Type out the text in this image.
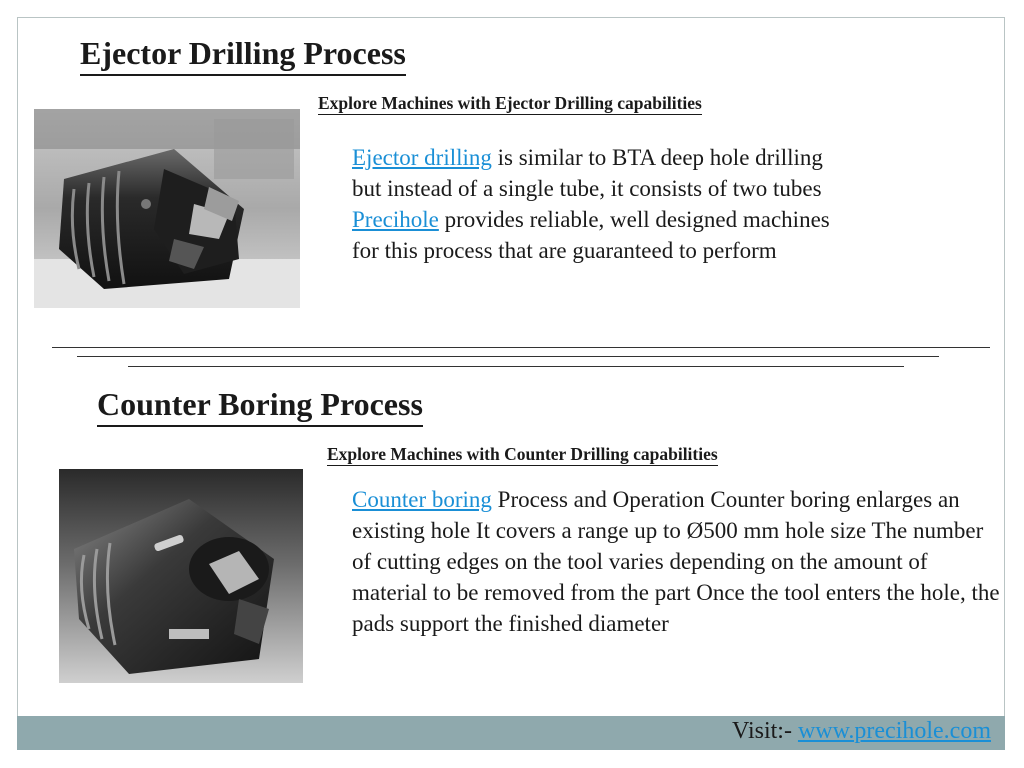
Ejector Drilling Process
Explore Machines with Ejector Drilling capabilities

Ejector drilling is similar to BTA deep hole drilling but instead of a single tube, it consists of two tubes Precihole provides reliable, well designed machines for this process that are guaranteed to perform

Counter Boring Process
Explore Machines with Counter Drilling capabilities

Counter boring Process and Operation Counter boring enlarges an existing hole It covers a range up to Ø500 mm hole size The number of cutting edges on the tool varies depending on the amount of material to be removed from the part Once the tool enters the hole, the pads support the finished diameter

Visit:- www.precihole.com
